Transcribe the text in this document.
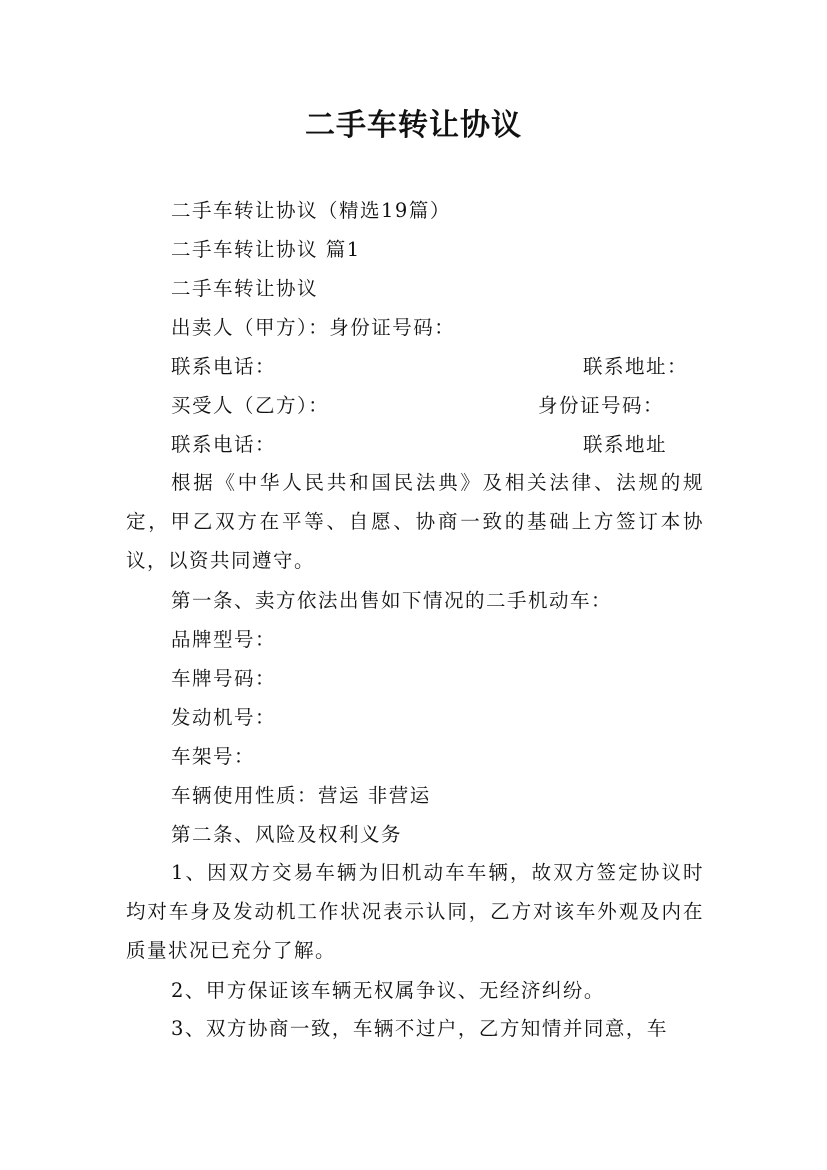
二手车转让协议
二手车转让协议（精选19篇）
二手车转让协议 篇1
二手车转让协议
出卖人（甲方）：身份证号码：
联系电话：	联系地址：
买受人（乙方）：	身份证号码：
联系电话：	联系地址
根据《中华人民共和国民法典》及相关法律、法规的规定，甲乙双方在平等、自愿、协商一致的基础上方签订本协议，以资共同遵守。
第一条、卖方依法出售如下情况的二手机动车：
品牌型号：
车牌号码：
发动机号：
车架号：
车辆使用性质：营运 非营运
第二条、风险及权利义务
1、因双方交易车辆为旧机动车车辆，故双方签定协议时均对车身及发动机工作状况表示认同，乙方对该车外观及内在质量状况已充分了解。
2、甲方保证该车辆无权属争议、无经济纠纷。
3、双方协商一致，车辆不过户，乙方知情并同意，车
